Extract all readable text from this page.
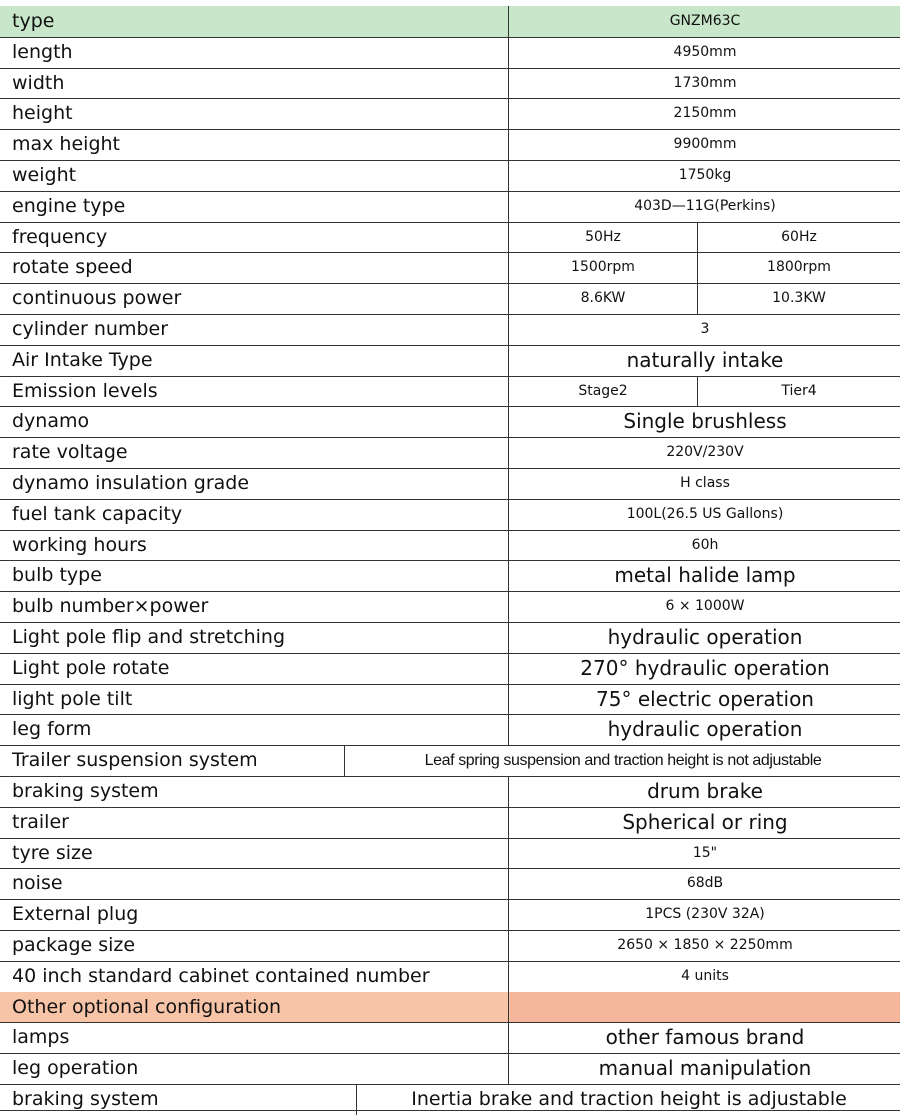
type	GNZM63C
length	4950mm
width	1730mm
height	2150mm
max height	9900mm
weight	1750kg
engine type	403D—11G(Perkins)
frequency	50Hz	60Hz
rotate speed	1500rpm	1800rpm
continuous power	8.6KW	10.3KW
cylinder number	3
Air Intake Type	naturally intake
Emission levels	Stage2	Tier4
dynamo	Single brushless
rate voltage	220V/230V
dynamo insulation grade	H class
fuel tank capacity	100L(26.5 US Gallons)
working hours	60h
bulb type	metal halide lamp
bulb number×power	6 × 1000W
Light pole flip and stretching	hydraulic operation
Light pole rotate	270° hydraulic operation
light pole tilt	75° electric operation
leg form	hydraulic operation
Trailer suspension system	Leaf spring suspension and traction height is not adjustable
braking system	drum brake
trailer	Spherical or ring
tyre size	15"
noise	68dB
External plug	1PCS (230V 32A)
package size	2650 × 1850 × 2250mm
40 inch standard cabinet contained number	4 units
Other optional configuration
lamps	other famous brand
leg operation	manual manipulation
braking system	Inertia brake and traction height is adjustable
